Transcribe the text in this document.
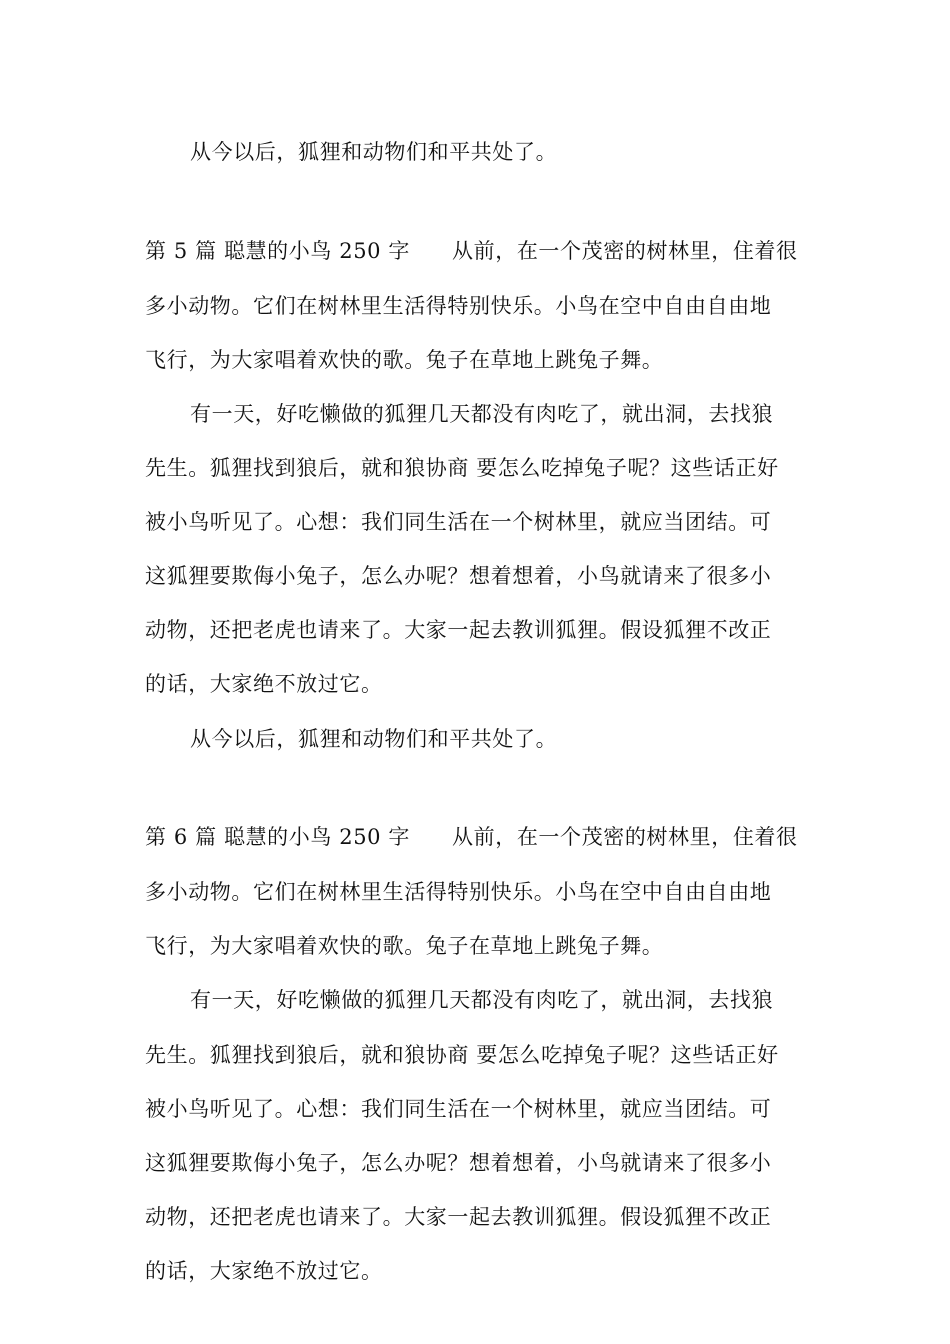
从今以后，狐狸和动物们和平共处了。
第 5 篇 聪慧的小鸟 250 字 从前，在一个茂密的树林里，住着很
多小动物。它们在树林里生活得特别快乐。小鸟在空中自由自由地
飞行，为大家唱着欢快的歌。兔子在草地上跳兔子舞。
有一天，好吃懒做的狐狸几天都没有肉吃了，就出洞，去找狼
先生。狐狸找到狼后，就和狼协商 要怎么吃掉兔子呢？这些话正好
被小鸟听见了。心想：我们同生活在一个树林里，就应当团结。可
这狐狸要欺侮小兔子，怎么办呢？想着想着，小鸟就请来了很多小
动物，还把老虎也请来了。大家一起去教训狐狸。假设狐狸不改正
的话，大家绝不放过它。
从今以后，狐狸和动物们和平共处了。
第 6 篇 聪慧的小鸟 250 字 从前，在一个茂密的树林里，住着很
多小动物。它们在树林里生活得特别快乐。小鸟在空中自由自由地
飞行，为大家唱着欢快的歌。兔子在草地上跳兔子舞。
有一天，好吃懒做的狐狸几天都没有肉吃了，就出洞，去找狼
先生。狐狸找到狼后，就和狼协商 要怎么吃掉兔子呢？这些话正好
被小鸟听见了。心想：我们同生活在一个树林里，就应当团结。可
这狐狸要欺侮小兔子，怎么办呢？想着想着，小鸟就请来了很多小
动物，还把老虎也请来了。大家一起去教训狐狸。假设狐狸不改正
的话，大家绝不放过它。
